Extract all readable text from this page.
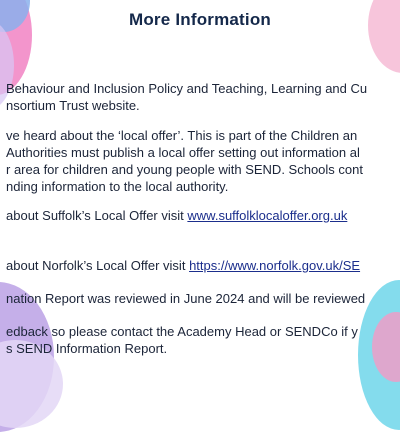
More Information
Behaviour and Inclusion Policy and Teaching, Learning and Cu
nsortium Trust website.
ve heard about the ‘local offer’. This is part of the Children an
Authorities must publish a local offer setting out information al
r area for children and young people with SEND. Schools cont
nding information to the local authority.
about Suffolk’s Local Offer visit www.suffolklocaloffer.org.uk
about Norfolk’s Local Offer visit https://www.norfolk.gov.uk/SE
nation Report was reviewed in June 2024 and will be reviewed
edback so please contact the Academy Head or SENDCo if y
s SEND Information Report.
